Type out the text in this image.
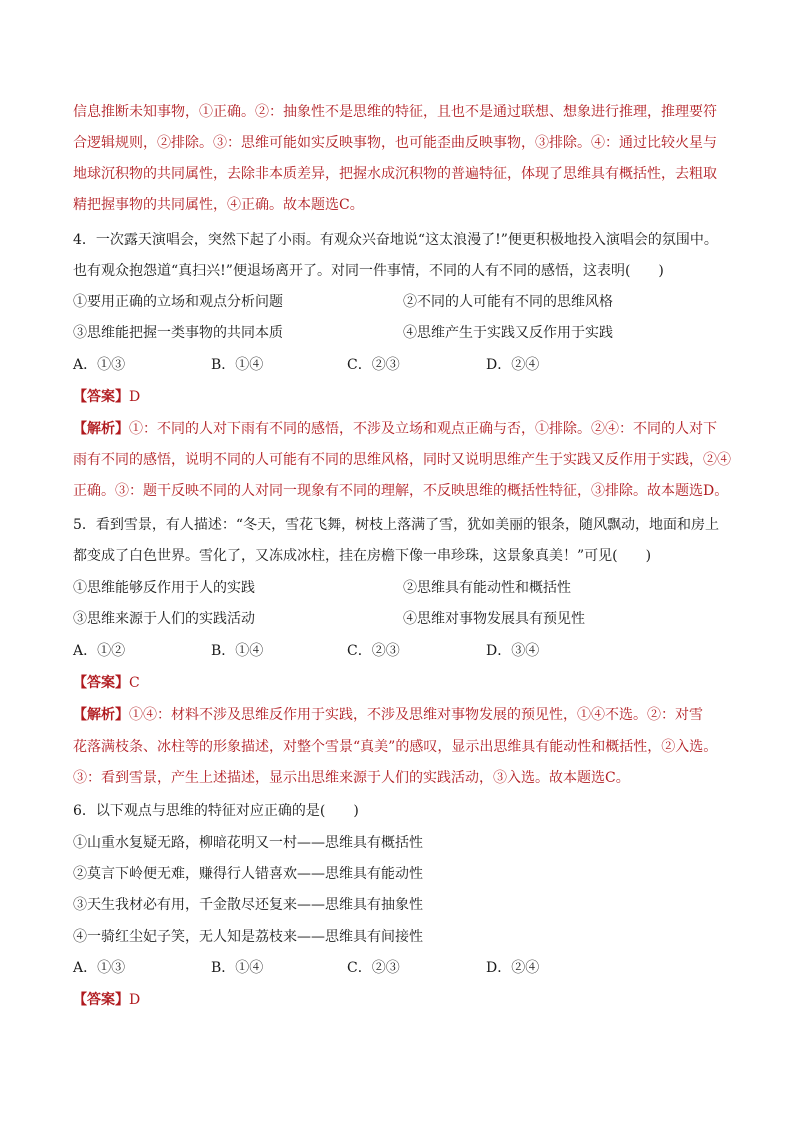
信息推断未知事物，①正确。②：抽象性不是思维的特征，且也不是通过联想、想象进行推理，推理要符
合逻辑规则，②排除。③：思维可能如实反映事物，也可能歪曲反映事物，③排除。④：通过比较火星与
地球沉积物的共同属性，去除非本质差异，把握水成沉积物的普遍特征，体现了思维具有概括性，去粗取
精把握事物的共同属性，④正确。故本题选C。
4．一次露天演唱会，突然下起了小雨。有观众兴奋地说“这太浪漫了!”便更积极地投入演唱会的氛围中。
也有观众抱怨道“真扫兴!”便退场离开了。对同一件事情，不同的人有不同的感悟，这表明(　　)
①要用正确的立场和观点分析问题	②不同的人可能有不同的思维风格
③思维能把握一类事物的共同本质	④思维产生于实践又反作用于实践
A．①③	B．①④	C．②③	D．②④
【答案】D
【解析】①：不同的人对下雨有不同的感悟，不涉及立场和观点正确与否，①排除。②④：不同的人对下
雨有不同的感悟，说明不同的人可能有不同的思维风格，同时又说明思维产生于实践又反作用于实践，②④
正确。③：题干反映不同的人对同一现象有不同的理解，不反映思维的概括性特征，③排除。故本题选D。
5．看到雪景，有人描述：“冬天，雪花飞舞，树枝上落满了雪，犹如美丽的银条，随风飘动，地面和房上
都变成了白色世界。雪化了，又冻成冰柱，挂在房檐下像一串珍珠，这景象真美！”可见(　　)
①思维能够反作用于人的实践	②思维具有能动性和概括性
③思维来源于人们的实践活动	④思维对事物发展具有预见性
A．①②	B．①④	C．②③	D．③④
【答案】C
【解析】①④：材料不涉及思维反作用于实践，不涉及思维对事物发展的预见性，①④不选。②：对雪
花落满枝条、冰柱等的形象描述，对整个雪景“真美”的感叹，显示出思维具有能动性和概括性，②入选。
③：看到雪景，产生上述描述，显示出思维来源于人们的实践活动，③入选。故本题选C。
6．以下观点与思维的特征对应正确的是(　　)
①山重水复疑无路，柳暗花明又一村——思维具有概括性
②莫言下岭便无难，赚得行人错喜欢——思维具有能动性
③天生我材必有用，千金散尽还复来——思维具有抽象性
④一骑红尘妃子笑，无人知是荔枝来——思维具有间接性
A．①③	B．①④	C．②③	D．②④
【答案】D
